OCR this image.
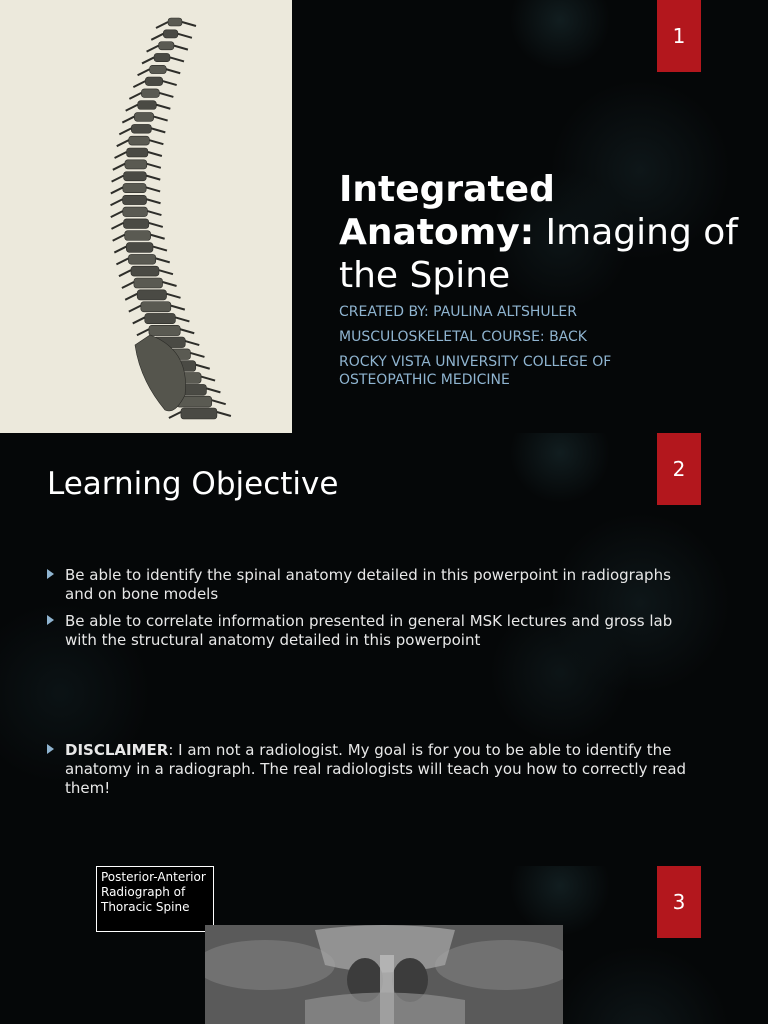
1
Integrated Anatomy: Imaging of the Spine
CREATED BY: PAULINA ALTSHULER
MUSCULOSKELETAL COURSE: BACK
ROCKY VISTA UNIVERSITY COLLEGE OF OSTEOPATHIC MEDICINE
2
Learning Objective
Be able to identify the spinal anatomy detailed in this powerpoint in radiographs and on bone models
Be able to correlate information presented in general MSK lectures and gross lab with the structural anatomy detailed in this powerpoint
DISCLAIMER: I am not a radiologist. My goal is for you to be able to identify the anatomy in a radiograph. The real radiologists will teach you how to correctly read them!
3
Posterior-Anterior Radiograph of Thoracic Spine
